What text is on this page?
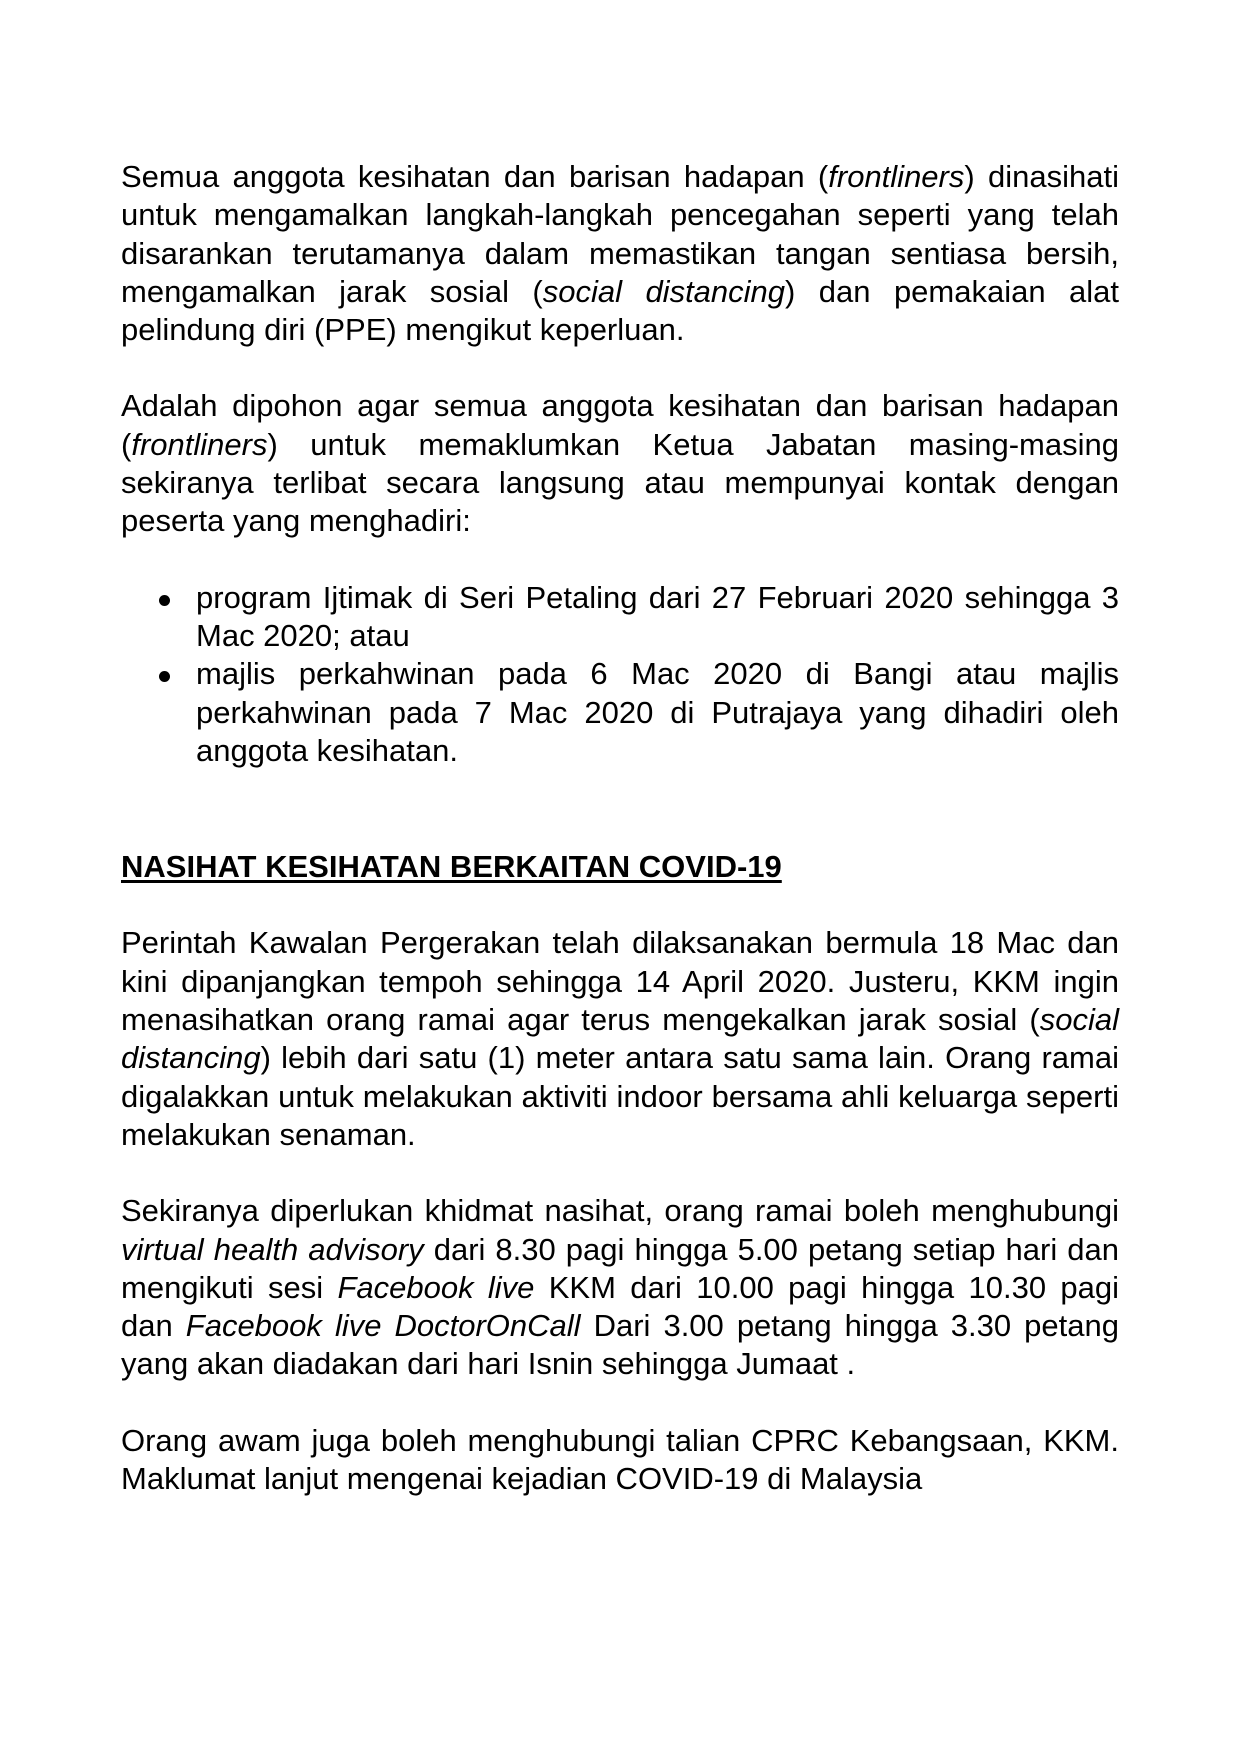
Semua anggota kesihatan dan barisan hadapan (frontliners) dinasihati untuk mengamalkan langkah-langkah pencegahan seperti yang telah disarankan terutamanya dalam memastikan tangan sentiasa bersih, mengamalkan jarak sosial (social distancing) dan pemakaian alat pelindung diri (PPE) mengikut keperluan.

Adalah dipohon agar semua anggota kesihatan dan barisan hadapan (frontliners) untuk memaklumkan Ketua Jabatan masing-masing sekiranya terlibat secara langsung atau mempunyai kontak dengan peserta yang menghadiri:

program Ijtimak di Seri Petaling dari 27 Februari 2020 sehingga 3 Mac 2020; atau
majlis perkahwinan pada 6 Mac 2020 di Bangi atau majlis perkahwinan pada 7 Mac 2020 di Putrajaya yang dihadiri oleh anggota kesihatan.
NASIHAT KESIHATAN BERKAITAN COVID-19

Perintah Kawalan Pergerakan telah dilaksanakan bermula 18 Mac dan kini dipanjangkan tempoh sehingga 14 April 2020. Justeru, KKM ingin menasihatkan orang ramai agar terus mengekalkan jarak sosial (social distancing) lebih dari satu (1) meter antara satu sama lain. Orang ramai digalakkan untuk melakukan aktiviti indoor bersama ahli keluarga seperti melakukan senaman.

Sekiranya diperlukan khidmat nasihat, orang ramai boleh menghubungi virtual health advisory dari 8.30 pagi hingga 5.00 petang setiap hari dan mengikuti sesi Facebook live KKM dari 10.00 pagi hingga 10.30 pagi dan Facebook live DoctorOnCall Dari 3.00 petang hingga 3.30 petang yang akan diadakan dari hari Isnin sehingga Jumaat .

Orang awam juga boleh menghubungi talian CPRC Kebangsaan, KKM. Maklumat lanjut mengenai kejadian COVID-19 di Malaysia
